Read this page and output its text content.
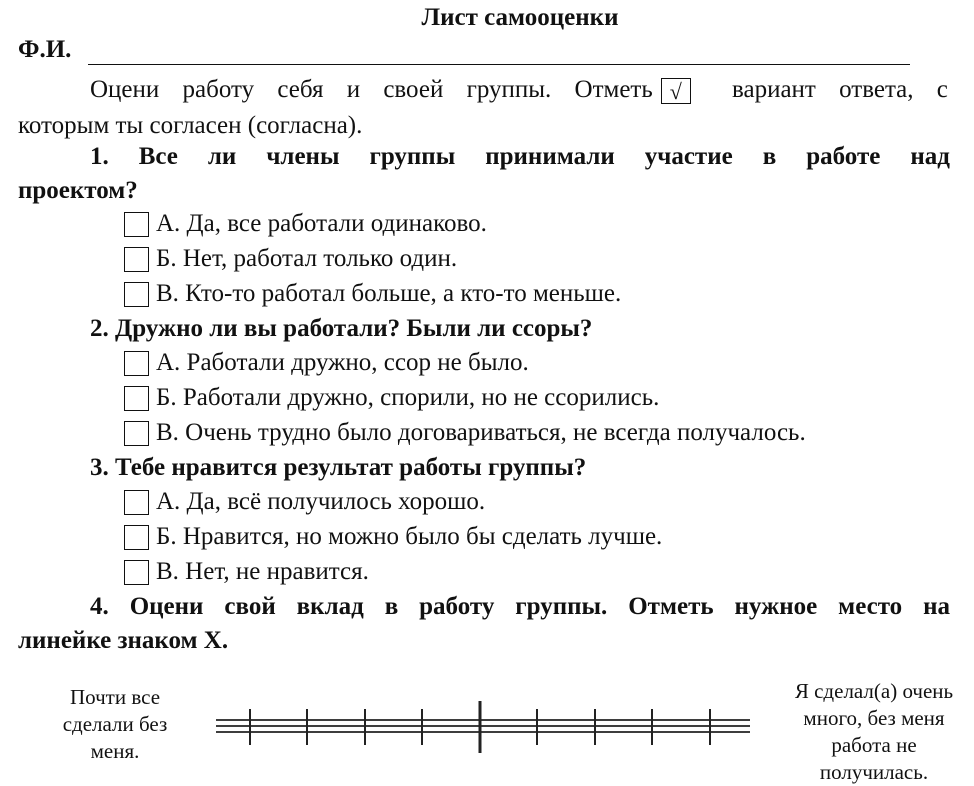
Лист самооценки
Ф.И.
Оцени работу себя и своей группы. Отметь √	вариант ответа, с
которым ты согласен (согласна).
1. Все ли члены группы принимали участие в работе над
проектом?
А. Да, все работали одинаково.
Б. Нет, работал только один.
В. Кто-то работал больше, а кто-то меньше.
2. Дружно ли вы работали? Были ли ссоры?
А. Работали дружно, ссор не было.
Б. Работали дружно, спорили, но не ссорились.
В. Очень трудно было договариваться, не всегда получалось.
3. Тебе нравится результат работы группы?
А. Да, всё получилось хорошо.
Б. Нравится, но можно было бы сделать лучше.
В. Нет, не нравится.
4. Оцени свой вклад в работу группы. Отметь нужное место на
линейке знаком Х.
Почти все
сделали без
меня.
Я сделал(а) очень
много, без меня
работа не
получилась.
